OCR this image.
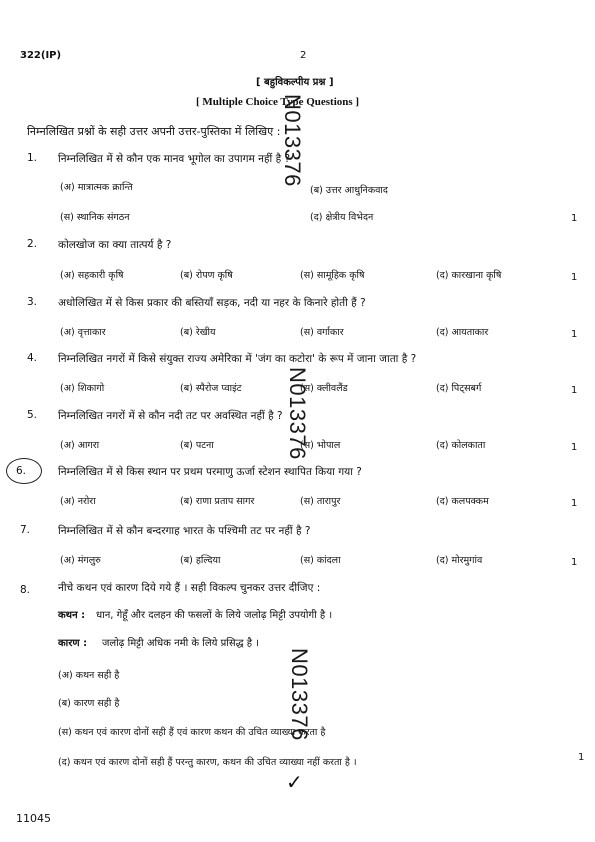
322(IP)	2
[ बहुविकल्पीय प्रश्न ]
[ Multiple Choice Type Questions ]
निम्नलिखित प्रश्नों के सही उत्तर अपनी उत्तर-पुस्तिका में लिखिए :
1. निम्नलिखित में से कौन एक मानव भूगोल का उपागम नहीं है ?
(अ) मात्रात्मक क्रान्ति	(ब) उत्तर आधुनिकवाद
(स) स्थानिक संगठन	(द) क्षेत्रीय विभेदन	1
2. कोलखोज का क्या तात्पर्य है ?
(अ) सहकारी कृषि	(ब) रोपण कृषि	(स) सामूहिक कृषि	(द) कारखाना कृषि	1
3. अधोलिखित में से किस प्रकार की बस्तियाँ सड़क, नदी या नहर के किनारे होती हैं ?
(अ) वृत्ताकार	(ब) रेखीय	(स) वर्गाकार	(द) आयताकार	1
4. निम्नलिखित नगरों में किसे संयुक्त राज्य अमेरिका में 'जंग का कटोरा' के रूप में जाना जाता है ?
(अ) शिकागो	(ब) स्पैरोज प्वाइंट	(स) क्लीवलैंड	(द) पिट्सबर्ग	1
5. निम्नलिखित नगरों में से कौन नदी तट पर अवस्थित नहीं है ?
(अ) आगरा	(ब) पटना	(स) भोपाल	(द) कोलकाता	1
6.	निम्नलिखित में से किस स्थान पर प्रथम परमाणु ऊर्जा स्टेशन स्थापित किया गया ?
(अ) नरोरा	(ब) राणा प्रताप सागर	(स) तारापुर	(द) कलपक्कम	1
7.	निम्नलिखित में से कौन बन्दरगाह भारत के पश्चिमी तट पर नहीं है ?
(अ) मंगलुरु	(ब) हल्दिया	(स) कांदला	(द) मोरमुगांव	1
8.	नीचे कथन एवं कारण दिये गये हैं । सही विकल्प चुनकर उत्तर दीजिए :
कथन : धान, गेहूँ और दलहन की फसलों के लिये जलोढ़ मिट्टी उपयोगी है ।
कारण : जलोढ़ मिट्टी अधिक नमी के लिये प्रसिद्ध है ।
(अ) कथन सही है
(ब) कारण सही है
(स) कथन एवं कारण दोनों सही हैं एवं कारण कथन की उचित व्याख्या करता है
(द) कथन एवं कारण दोनों सही हैं परन्तु कारण, कथन की उचित व्याख्या नहीं करता है ।	1
N013376
N013376
N013376
✓
11045
